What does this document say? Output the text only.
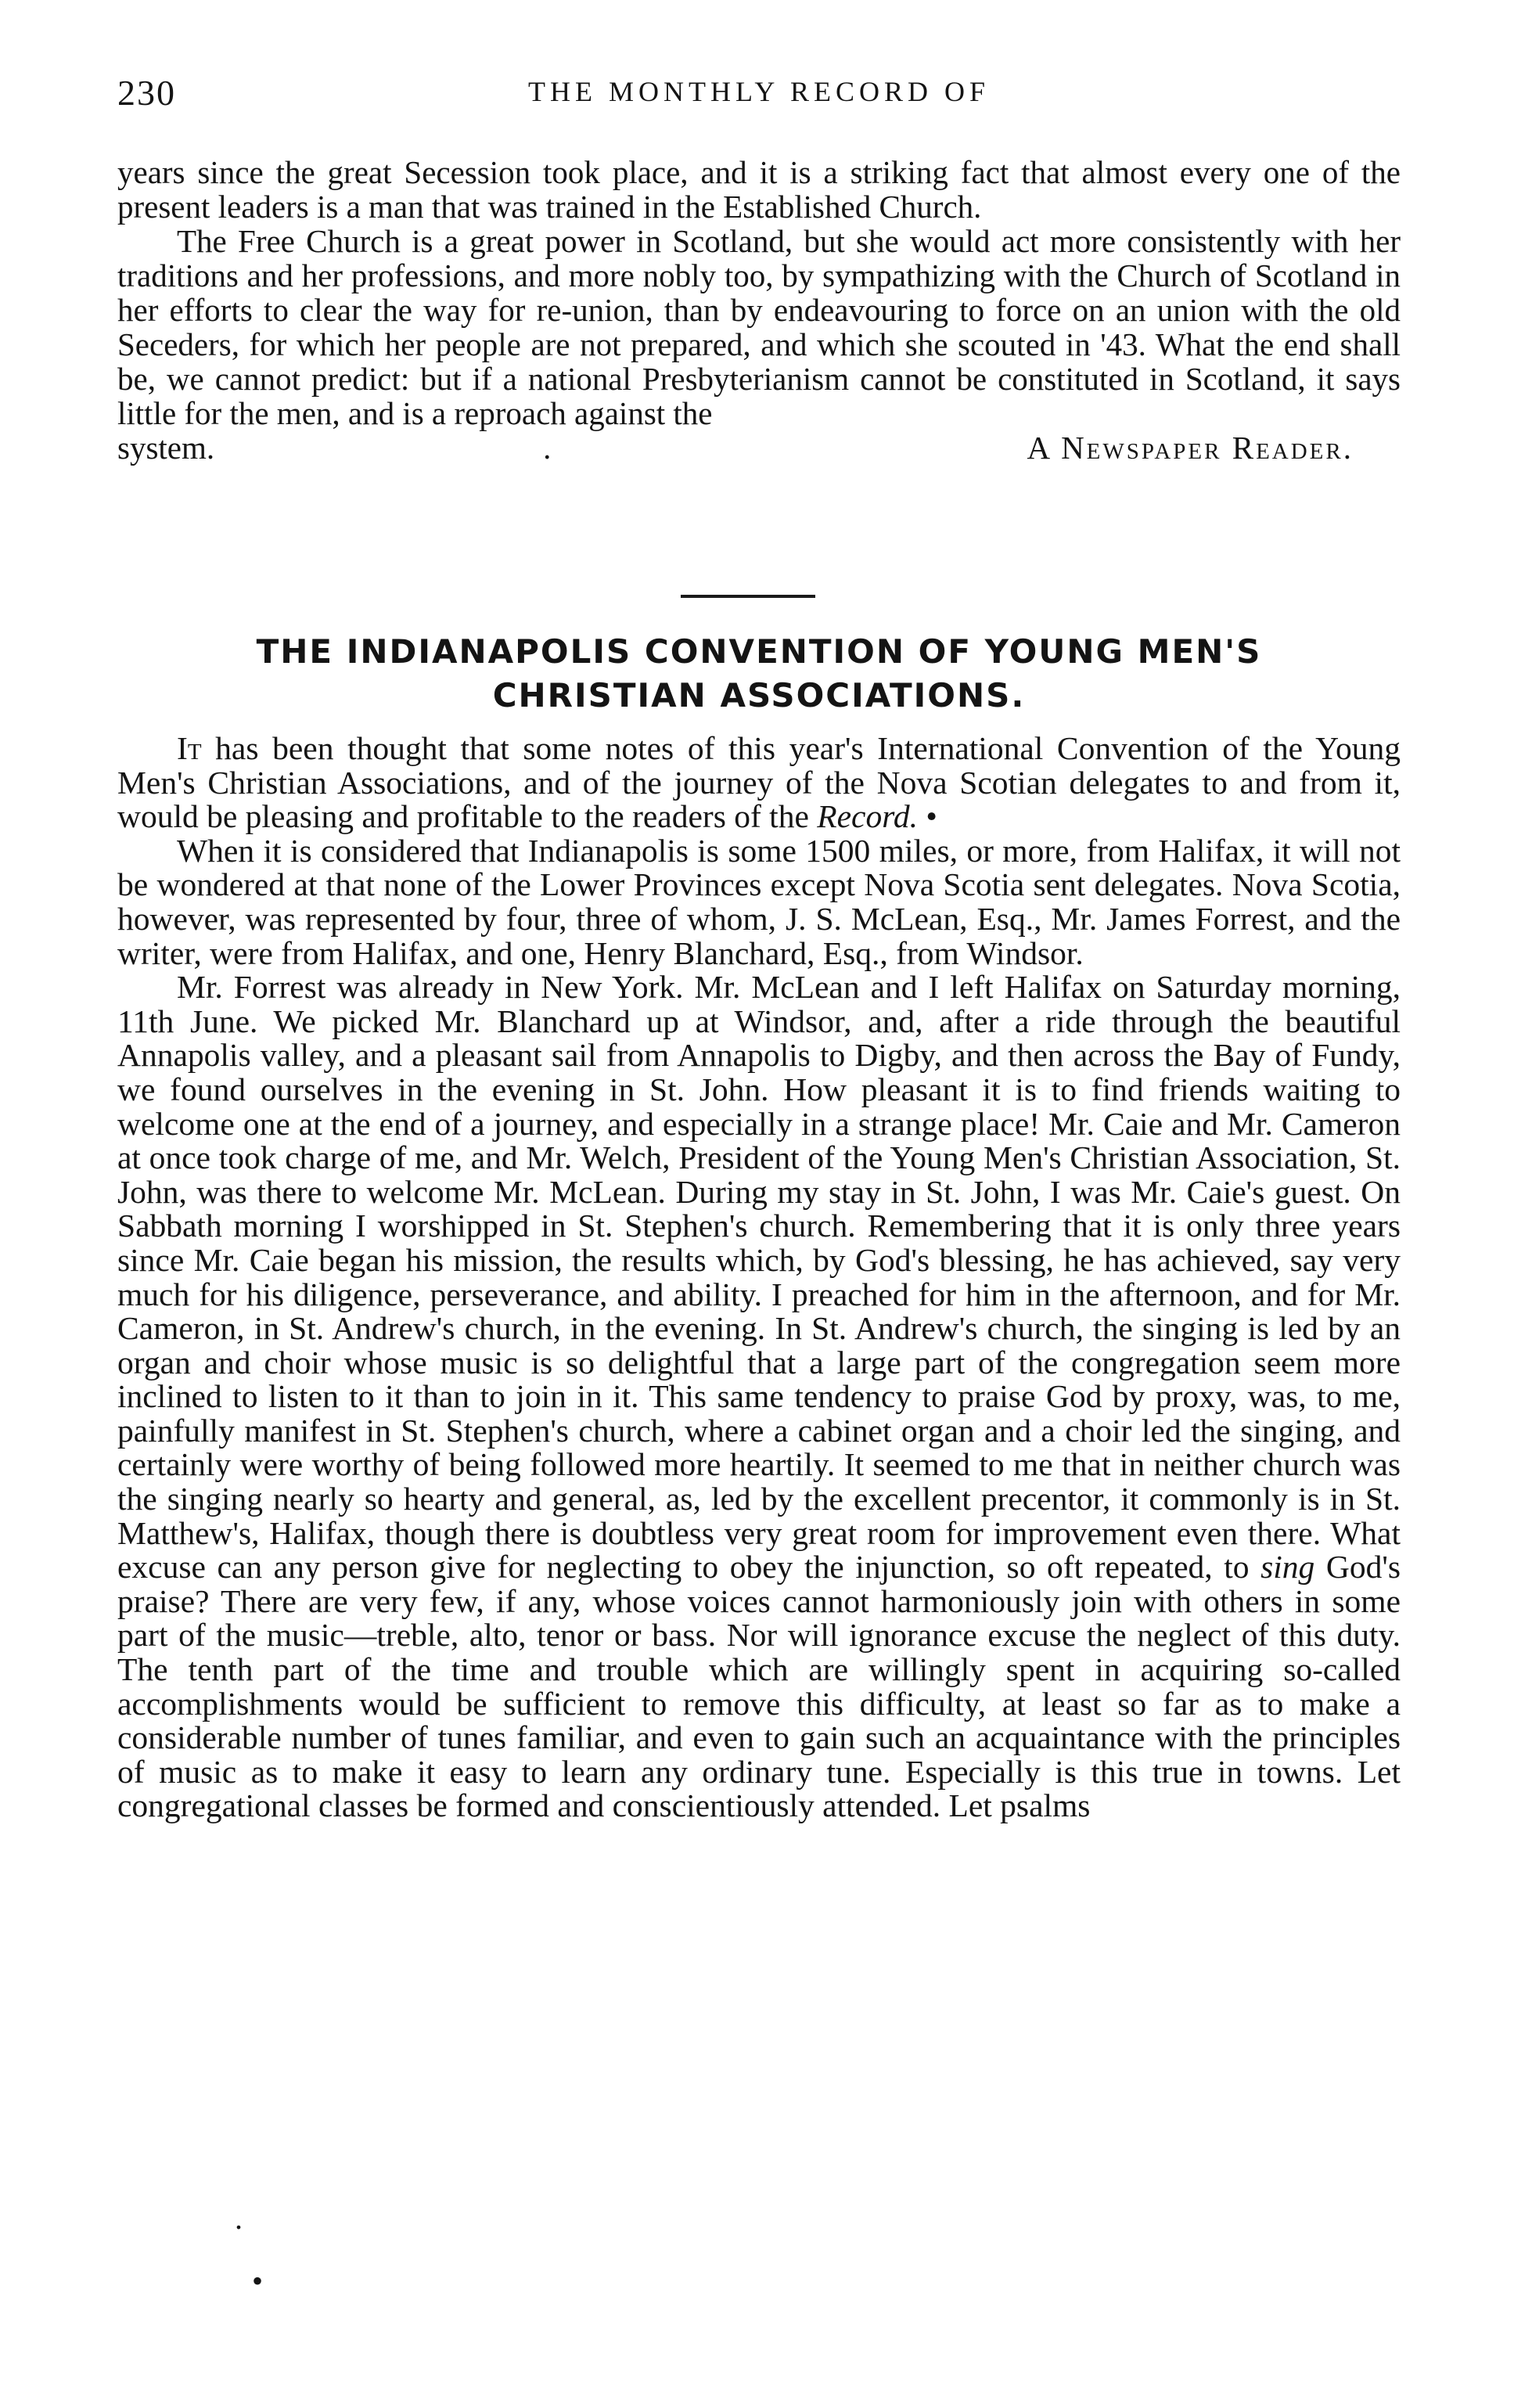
230	THE MONTHLY RECORD OF

years since the great Secession took place, and it is a striking fact that almost every one of the present leaders is a man that was trained in the Established Church.

The Free Church is a great power in Scotland, but she would act more consistently with her traditions and her professions, and more nobly too, by sympathizing with the Church of Scotland in her efforts to clear the way for re-union, than by endeavouring to force on an union with the old Seceders, for which her people are not prepared, and which she scouted in '43. What the end shall be, we cannot predict: but if a national Presbyterianism cannot be constituted in Scotland, it says little for the men, and is a reproach against the

system.	.	A Newspaper Reader.

THE INDIANAPOLIS CONVENTION OF YOUNG MEN'S
CHRISTIAN ASSOCIATIONS.

It has been thought that some notes of this year's International Convention of the Young Men's Christian Associations, and of the journey of the Nova Scotian delegates to and from it, would be pleasing and profitable to the readers of the Record. •

When it is considered that Indianapolis is some 1500 miles, or more, from Halifax, it will not be wondered at that none of the Lower Provinces except Nova Scotia sent delegates. Nova Scotia, however, was represented by four, three of whom, J. S. McLean, Esq., Mr. James Forrest, and the writer, were from Halifax, and one, Henry Blanchard, Esq., from Windsor.

Mr. Forrest was already in New York. Mr. McLean and I left Halifax on Saturday morning, 11th June. We picked Mr. Blanchard up at Windsor, and, after a ride through the beautiful Annapolis valley, and a pleasant sail from Annapolis to Digby, and then across the Bay of Fundy, we found ourselves in the evening in St. John. How pleasant it is to find friends waiting to welcome one at the end of a journey, and especially in a strange place! Mr. Caie and Mr. Cameron at once took charge of me, and Mr. Welch, President of the Young Men's Christian Association, St. John, was there to welcome Mr. McLean. During my stay in St. John, I was Mr. Caie's guest. On Sabbath morning I worshipped in St. Stephen's church. Remembering that it is only three years since Mr. Caie began his mission, the results which, by God's blessing, he has achieved, say very much for his diligence, perseverance, and ability. I preached for him in the afternoon, and for Mr. Cameron, in St. Andrew's church, in the evening. In St. Andrew's church, the singing is led by an organ and choir whose music is so delightful that a large part of the congregation seem more inclined to listen to it than to join in it. This same tendency to praise God by proxy, was, to me, painfully manifest in St. Stephen's church, where a cabinet organ and a choir led the singing, and certainly were worthy of being followed more heartily. It seemed to me that in neither church was the singing nearly so hearty and general, as, led by the excellent precentor, it commonly is in St. Matthew's, Halifax, though there is doubtless very great room for improvement even there. What excuse can any person give for neglecting to obey the injunction, so oft repeated, to sing God's praise? There are very few, if any, whose voices cannot harmoniously join with others in some part of the music—treble, alto, tenor or bass. Nor will ignorance excuse the neglect of this duty. The tenth part of the time and trouble which are willingly spent in acquiring so-called accomplishments would be sufficient to remove this difficulty, at least so far as to make a considerable number of tunes familiar, and even to gain such an acquaintance with the principles of music as to make it easy to learn any ordinary tune. Especially is this true in towns. Let congregational classes be formed and conscientiously attended. Let psalms

.
•
